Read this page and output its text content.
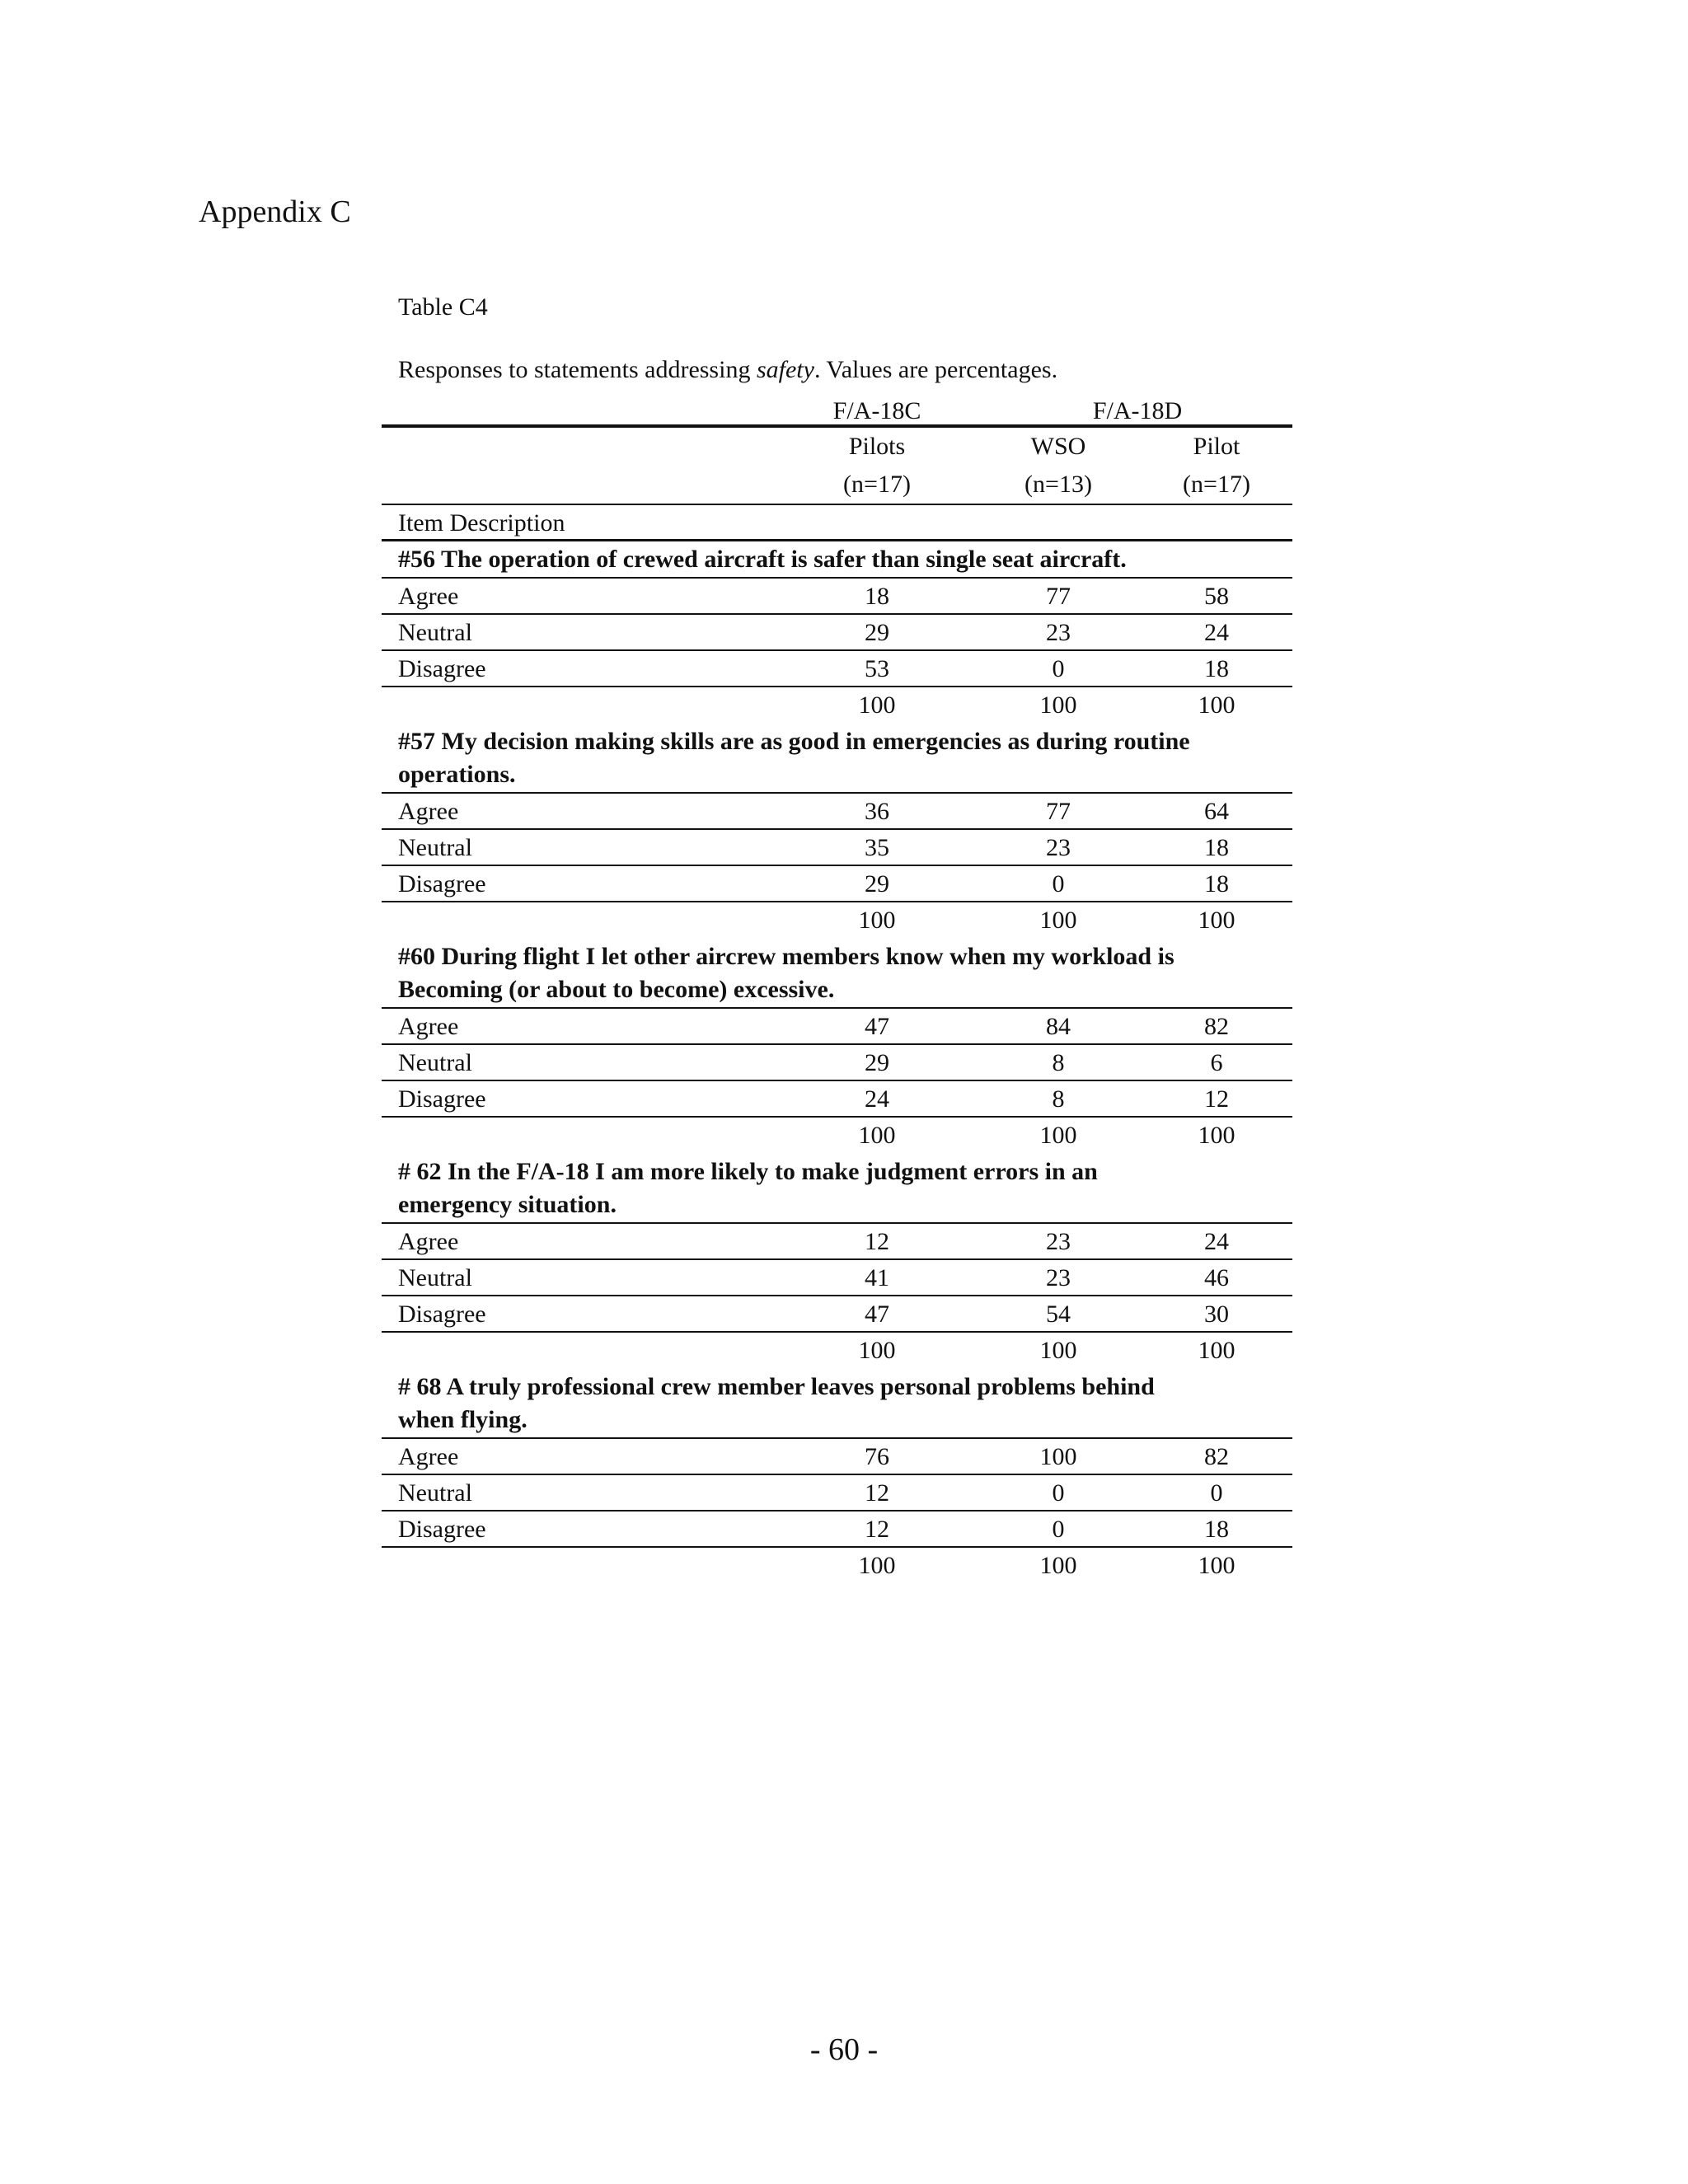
Appendix C
Table C4
Responses to statements addressing safety. Values are percentages.
F/A-18C	F/A-18D
Pilots	WSO	Pilot
(n=17)	(n=13)	(n=17)
Item Description
#56 The operation of crewed aircraft is safer than single seat aircraft.
Agree	18	77	58
Neutral	29	23	24
Disagree	53	0	18
100	100	100
#57 My decision making skills are as good in emergencies as during routine
operations.
Agree	36	77	64
Neutral	35	23	18
Disagree	29	0	18
100	100	100
#60 During flight I let other aircrew members know when my workload is
Becoming (or about to become) excessive.
Agree	47	84	82
Neutral	29	8	6
Disagree	24	8	12
100	100	100
# 62 In the F/A-18 I am more likely to make judgment errors in an
emergency situation.
Agree	12	23	24
Neutral	41	23	46
Disagree	47	54	30
100	100	100
# 68 A truly professional crew member leaves personal problems behind
when flying.
Agree	76	100	82
Neutral	12	0	0
Disagree	12	0	18
100	100	100
- 60 -
